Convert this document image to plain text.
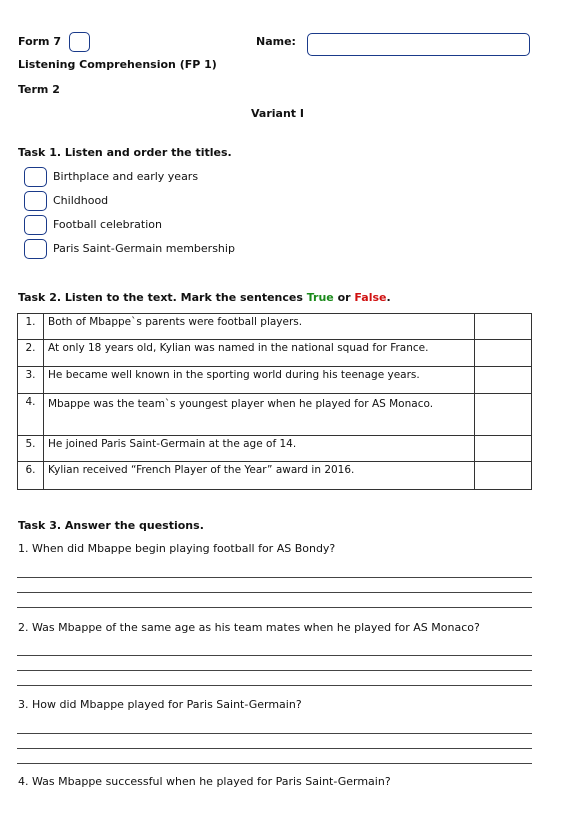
Form 7	Name:
Listening Comprehension (FP 1)
Term 2
Variant I
Task 1. Listen and order the titles.
Birthplace and early years
Childhood
Football celebration
Paris Saint-Germain membership
Task 2. Listen to the text. Mark the sentences True or False.
1.	Both of Mbappe`s parents were football players.	
2.	At only 18 years old, Kylian was named in the national squad for France.	
3.	He became well known in the sporting world during his teenage years.	
4.	Mbappe was the team`s youngest player when he played for AS Monaco.	
5.	He joined Paris Saint-Germain at the age of 14.	
6.	Kylian received “French Player of the Year” award in 2016.	
Task 3. Answer the questions.
1. When did Mbappe begin playing football for AS Bondy?
2. Was Mbappe of the same age as his team mates when he played for AS Monaco?
3. How did Mbappe played for Paris Saint-Germain?
4. Was Mbappe successful when he played for Paris Saint-Germain?
